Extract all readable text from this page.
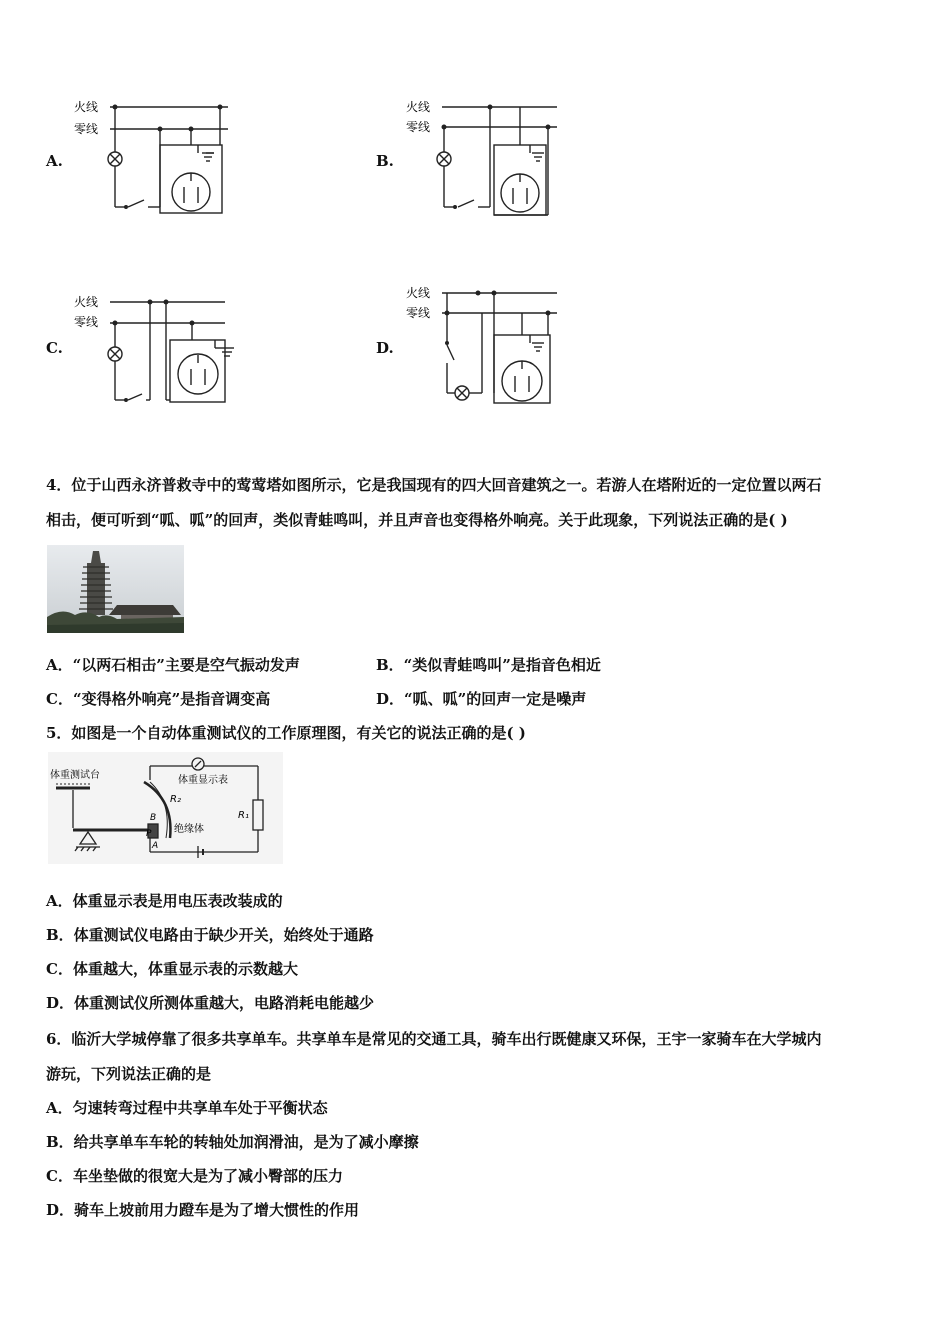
A.	B.
C.	D.
火线
零线
火线
零线
火线
零线
火线
零线
4．位于山西永济普救寺中的莺莺塔如图所示，它是我国现有的四大回音建筑之一。若游人在塔附近的一定位置以两石
相击，便可听到“呱、呱”的回声，类似青蛙鸣叫，并且声音也变得格外响亮。关于此现象，下列说法正确的是( )
A．“以两石相击”主要是空气振动发声	B．“类似青蛙鸣叫”是指音色相近
C．“变得格外响亮”是指音调变高	D．“呱、呱”的回声一定是噪声
5．如图是一个自动体重测试仪的工作原理图，有关它的说法正确的是( )
体重测试台	体重显示表
R₂
R₁
绝缘体
B
P
A
A．体重显示表是用电压表改装成的
B．体重测试仪电路由于缺少开关，始终处于通路
C．体重越大，体重显示表的示数越大
D．体重测试仪所测体重越大，电路消耗电能越少
6．临沂大学城停靠了很多共享单车。共享单车是常见的交通工具，骑车出行既健康又环保，王宇一家骑车在大学城内
游玩，下列说法正确的是
A．匀速转弯过程中共享单车处于平衡状态
B．给共享单车车轮的转轴处加润滑油，是为了减小摩擦
C．车坐垫做的很宽大是为了减小臀部的压力
D．骑车上坡前用力蹬车是为了增大惯性的作用
